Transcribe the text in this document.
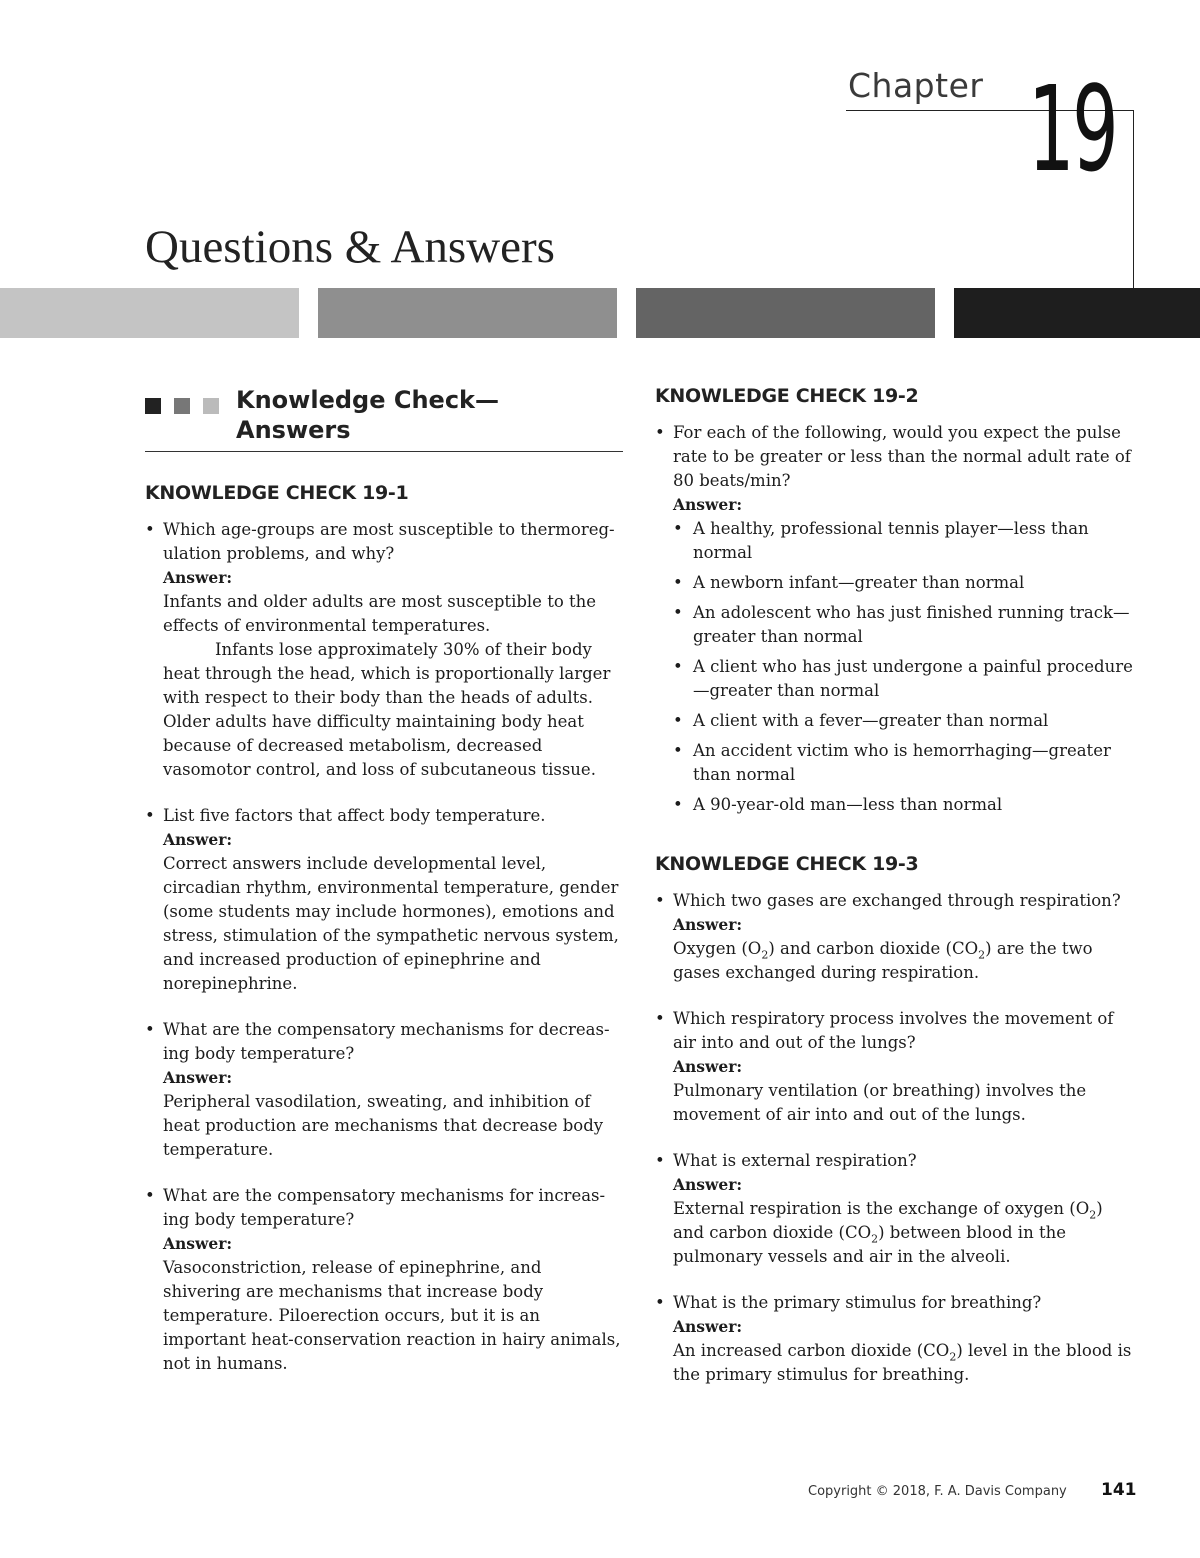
Chapter 19
Questions & Answers
Knowledge Check— Answers
KNOWLEDGE CHECK 19-1
• Which age-groups are most susceptible to thermoreg-ulation problems, and why?
Answer:
Infants and older adults are most susceptible to the effects of environmental temperatures.
Infants lose approximately 30% of their body heat through the head, which is proportionally larger with respect to their body than the heads of adults. Older adults have difficulty maintaining body heat because of decreased metabolism, decreased vasomotor control, and loss of subcutaneous tissue.
• List five factors that affect body temperature.
Answer:
Correct answers include developmental level, circadian rhythm, environmental temperature, gender (some students may include hormones), emotions and stress, stimulation of the sympathetic nervous system, and increased production of epinephrine and norepinephrine.
• What are the compensatory mechanisms for decreas-ing body temperature?
Answer:
Peripheral vasodilation, sweating, and inhibition of heat production are mechanisms that decrease body temperature.
• What are the compensatory mechanisms for increas-ing body temperature?
Answer:
Vasoconstriction, release of epinephrine, and shivering are mechanisms that increase body temperature. Piloerection occurs, but it is an important heat-conservation reaction in hairy animals, not in humans.
KNOWLEDGE CHECK 19-2
• For each of the following, would you expect the pulse rate to be greater or less than the normal adult rate of 80 beats/min?
Answer:
• A healthy, professional tennis player—less than normal
• A newborn infant—greater than normal
• An adolescent who has just finished running track—greater than normal
• A client who has just undergone a painful procedure—greater than normal
• A client with a fever—greater than normal
• An accident victim who is hemorrhaging—greater than normal
• A 90-year-old man—less than normal
KNOWLEDGE CHECK 19-3
• Which two gases are exchanged through respiration?
Answer:
Oxygen $(O_2)$ and carbon dioxide $(CO_2)$ are the two gases exchanged during respiration.
• Which respiratory process involves the movement of air into and out of the lungs?
Answer:
Pulmonary ventilation (or breathing) involves the movement of air into and out of the lungs.
• What is external respiration?
Answer:
External respiration is the exchange of oxygen $(O_2)$ and carbon dioxide $(CO_2)$ between blood in the pulmonary vessels and air in the alveoli.
• What is the primary stimulus for breathing?
Answer:
An increased carbon dioxide $(CO_2)$ level in the blood is the primary stimulus for breathing.
Copyright © 2018, F. A. Davis Company 141
